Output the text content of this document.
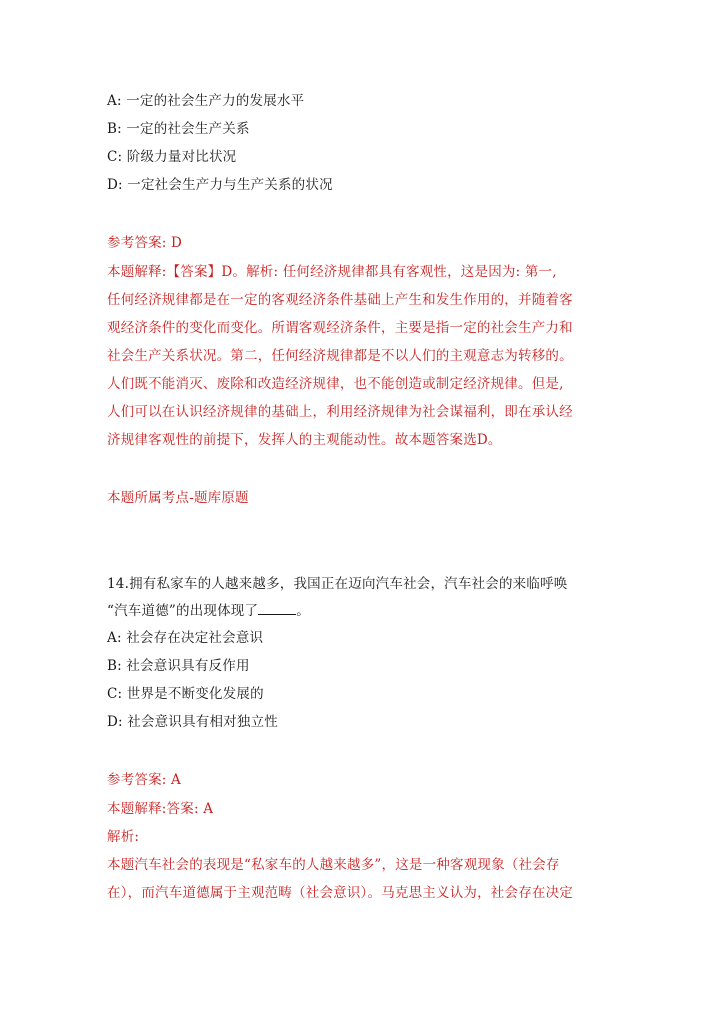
A: 一定的社会生产力的发展水平
B: 一定的社会生产关系
C: 阶级力量对比状况
D: 一定社会生产力与生产关系的状况
参考答案: D
本题解释:【答案】D。解析: 任何经济规律都具有客观性，这是因为: 第一,
任何经济规律都是在一定的客观经济条件基础上产生和发生作用的，并随着客
观经济条件的变化而变化。所谓客观经济条件，主要是指一定的社会生产力和
社会生产关系状况。第二，任何经济规律都是不以人们的主观意志为转移的。
人们既不能消灭、废除和改造经济规律，也不能创造或制定经济规律。但是,
人们可以在认识经济规律的基础上，利用经济规律为社会谋福利，即在承认经
济规律客观性的前提下，发挥人的主观能动性。故本题答案选D。
本题所属考点-题库原题
14.拥有私家车的人越来越多，我国正在迈向汽车社会，汽车社会的来临呼唤
“汽车道德”的出现体现了	。
A: 社会存在决定社会意识
B: 社会意识具有反作用
C: 世界是不断变化发展的
D: 社会意识具有相对独立性
参考答案: A
本题解释:答案: A
解析:
本题汽车社会的表现是“私家车的人越来越多”，这是一种客观现象（社会存
在），而汽车道德属于主观范畴（社会意识）。马克思主义认为，社会存在决定
